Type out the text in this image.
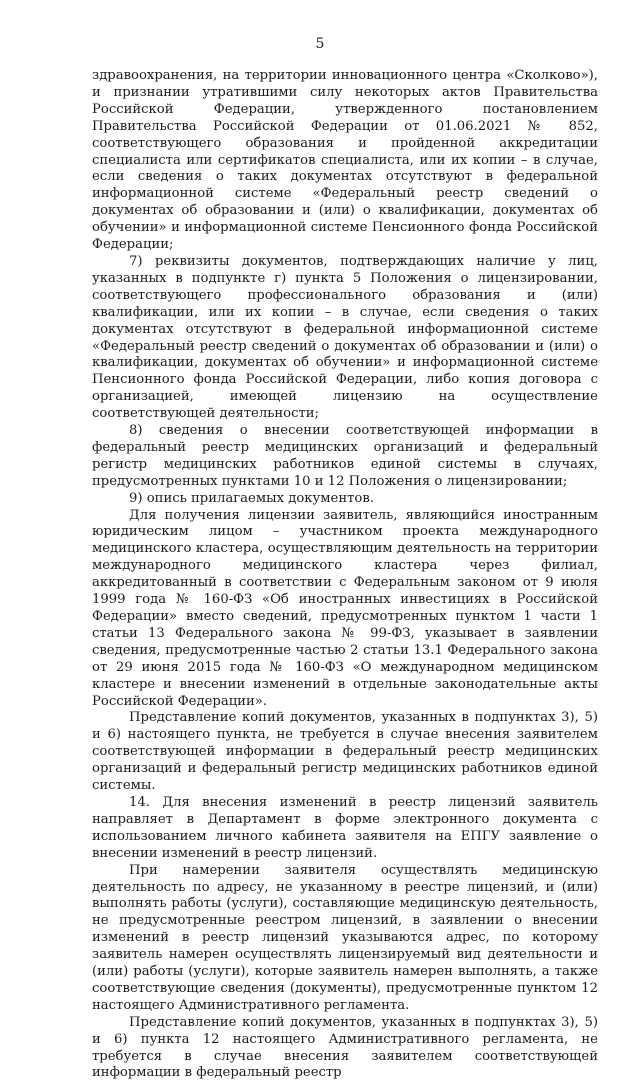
5

здравоохранения, на территории инновационного центра «Сколково»), и признании утратившими силу некоторых актов Правительства Российской Федерации, утвержденного постановлением Правительства Российской Федерации от 01.06.2021 № 852, соответствующего образования и пройденной аккредитации специалиста или сертификатов специалиста, или их копии – в случае, если сведения о таких документах отсутствуют в федеральной информационной системе «Федеральный реестр сведений о документах об образовании и (или) о квалификации, документах об обучении» и информационной системе Пенсионного фонда Российской Федерации;

7) реквизиты документов, подтверждающих наличие у лиц, указанных в подпункте г) пункта 5 Положения о лицензировании, соответствующего профессионального образования и (или) квалификации, или их копии – в случае, если сведения о таких документах отсутствуют в федеральной информационной системе «Федеральный реестр сведений о документах об образовании и (или) о квалификации, документах об обучении» и информационной системе Пенсионного фонда Российской Федерации, либо копия договора с организацией, имеющей лицензию на осуществление соответствующей деятельности;

8) сведения о внесении соответствующей информации в федеральный реестр медицинских организаций и федеральный регистр медицинских работников единой системы в случаях, предусмотренных пунктами 10 и 12 Положения о лицензировании;

9) опись прилагаемых документов.

Для получения лицензии заявитель, являющийся иностранным юридическим лицом – участником проекта международного медицинского кластера, осуществляющим деятельность на территории международного медицинского кластера через филиал, аккредитованный в соответствии с Федеральным законом от 9 июля 1999 года № 160-ФЗ «Об иностранных инвестициях в Российской Федерации» вместо сведений, предусмотренных пунктом 1 части 1 статьи 13 Федерального закона № 99-ФЗ, указывает в заявлении сведения, предусмотренные частью 2 статьи 13.1 Федерального закона от 29 июня 2015 года № 160-ФЗ «О международном медицинском кластере и внесении изменений в отдельные законодательные акты Российской Федерации».

Представление копий документов, указанных в подпунктах 3), 5) и 6) настоящего пункта, не требуется в случае внесения заявителем соответствующей информации в федеральный реестр медицинских организаций и федеральный регистр медицинских работников единой системы.

14. Для внесения изменений в реестр лицензий заявитель направляет в Департамент в форме электронного документа с использованием личного кабинета заявителя на ЕПГУ заявление о внесении изменений в реестр лицензий.

При намерении заявителя осуществлять медицинскую деятельность по адресу, не указанному в реестре лицензий, и (или) выполнять работы (услуги), составляющие медицинскую деятельность, не предусмотренные реестром лицензий, в заявлении о внесении изменений в реестр лицензий указываются адрес, по которому заявитель намерен осуществлять лицензируемый вид деятельности и (или) работы (услуги), которые заявитель намерен выполнять, а также соответствующие сведения (документы), предусмотренные пунктом 12 настоящего Административного регламента.

Представление копий документов, указанных в подпунктах 3), 5) и 6) пункта 12 настоящего Административного регламента, не требуется в случае внесения заявителем соответствующей информации в федеральный реестр
